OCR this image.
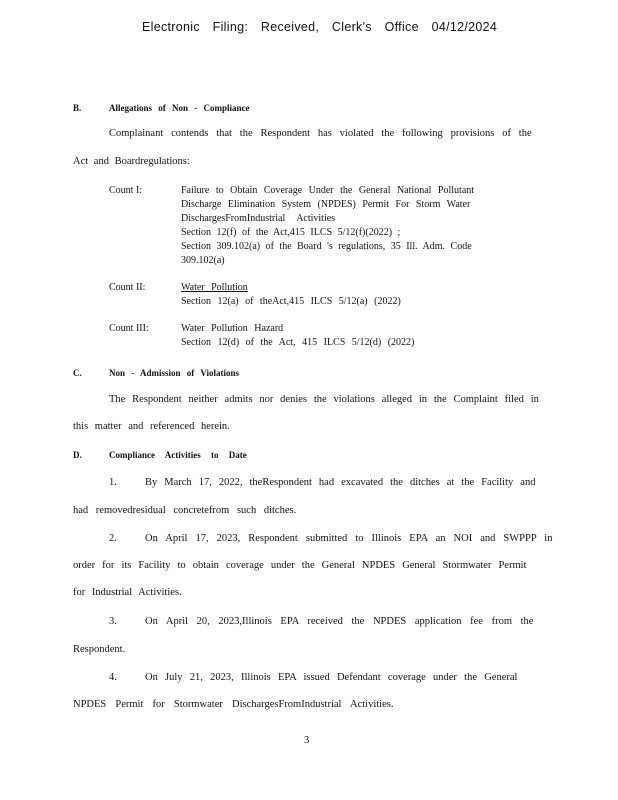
Electronic Filing: Received, Clerk's Office 04/12/2024
B.	Allegations of Non - Compliance
Complainant contends that the Respondent has violated the following provisions of the
Act and Boardregulations:
Count I:	Failure to Obtain Coverage Under the General National Pollutant
Discharge Elimination System (NPDES) Permit For Storm Water
DischargesFromIndustrial Activities
Section 12(f) of the Act,415 ILCS 5/12(f)(2022) ;
Section 309.102(a) of the Board 's regulations, 35 Ill. Adm. Code
309.102(a)
Count II:	Water Pollution
Section 12(a) of theAct,415 ILCS 5/12(a) (2022)
Count III:	Water Pollution Hazard
Section 12(d) of the Act, 415 ILCS 5/12(d) (2022)
C.	Non - Admission of Violations
The Respondent neither admits nor denies the violations alleged in the Complaint filed in
this matter and referenced herein.
D.	Compliance Activities to Date
1.	By March 17, 2022, theRespondent had excavated the ditches at the Facility and
had removedresidual concretefrom such ditches.
2.	On April 17, 2023, Respondent submitted to Illinois EPA an NOI and SWPPP in
order for its Facility to obtain coverage under the General NPDES General Stormwater Permit
for Industrial Activities.
3.	On April 20, 2023,Illinois EPA received the NPDES application fee from the
Respondent.
4.	On July 21, 2023, Illinois EPA issued Defendant coverage under the General
NPDES Permit for Stormwater DischargesFromIndustrial Activities.
3
